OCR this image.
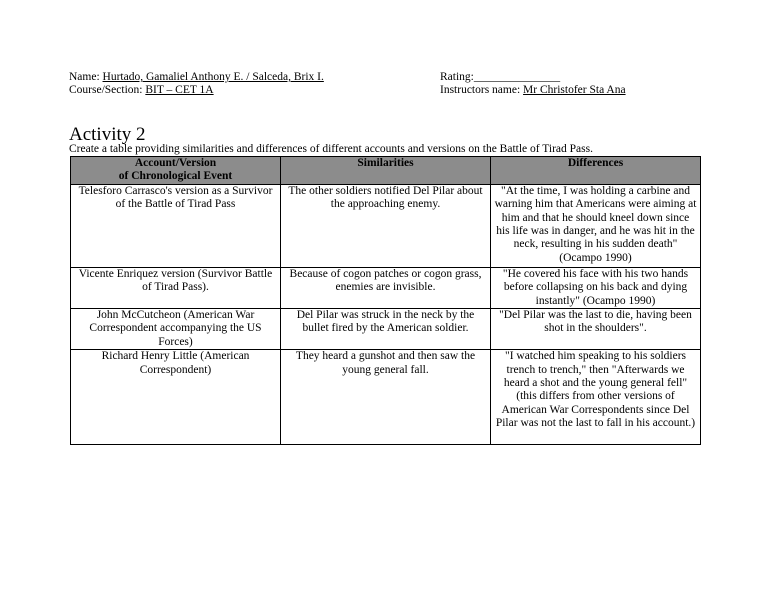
Name: Hurtado, Gamaliel Anthony E. / Salceda, Brix I.	Rating:_______________
Course/Section: BIT – CET 1A	Instructors name: Mr Christofer Sta Ana
Activity 2
Create a table providing similarities and differences of different accounts and versions on the Battle of Tirad Pass.
Account/Version
of Chronological Event	Similarities	Differences
Telesforo Carrasco's version as a Survivor of the Battle of Tirad Pass	The other soldiers notified Del Pilar about the approaching enemy.	"At the time, I was holding a carbine and warning him that Americans were aiming at him and that he should kneel down since his life was in danger, and he was hit in the neck, resulting in his sudden death" (Ocampo 1990)
Vicente Enriquez version (Survivor Battle of Tirad Pass).	Because of cogon patches or cogon grass, enemies are invisible.	"He covered his face with his two hands before collapsing on his back and dying instantly" (Ocampo 1990)
John McCutcheon (American War Correspondent accompanying the US Forces)	Del Pilar was struck in the neck by the bullet fired by the American soldier.	"Del Pilar was the last to die, having been shot in the shoulders".
Richard Henry Little (American Correspondent)	They heard a gunshot and then saw the young general fall.	"I watched him speaking to his soldiers trench to trench," then "Afterwards we heard a shot and the young general fell" (this differs from other versions of American War Correspondents since Del Pilar was not the last to fall in his account.)
